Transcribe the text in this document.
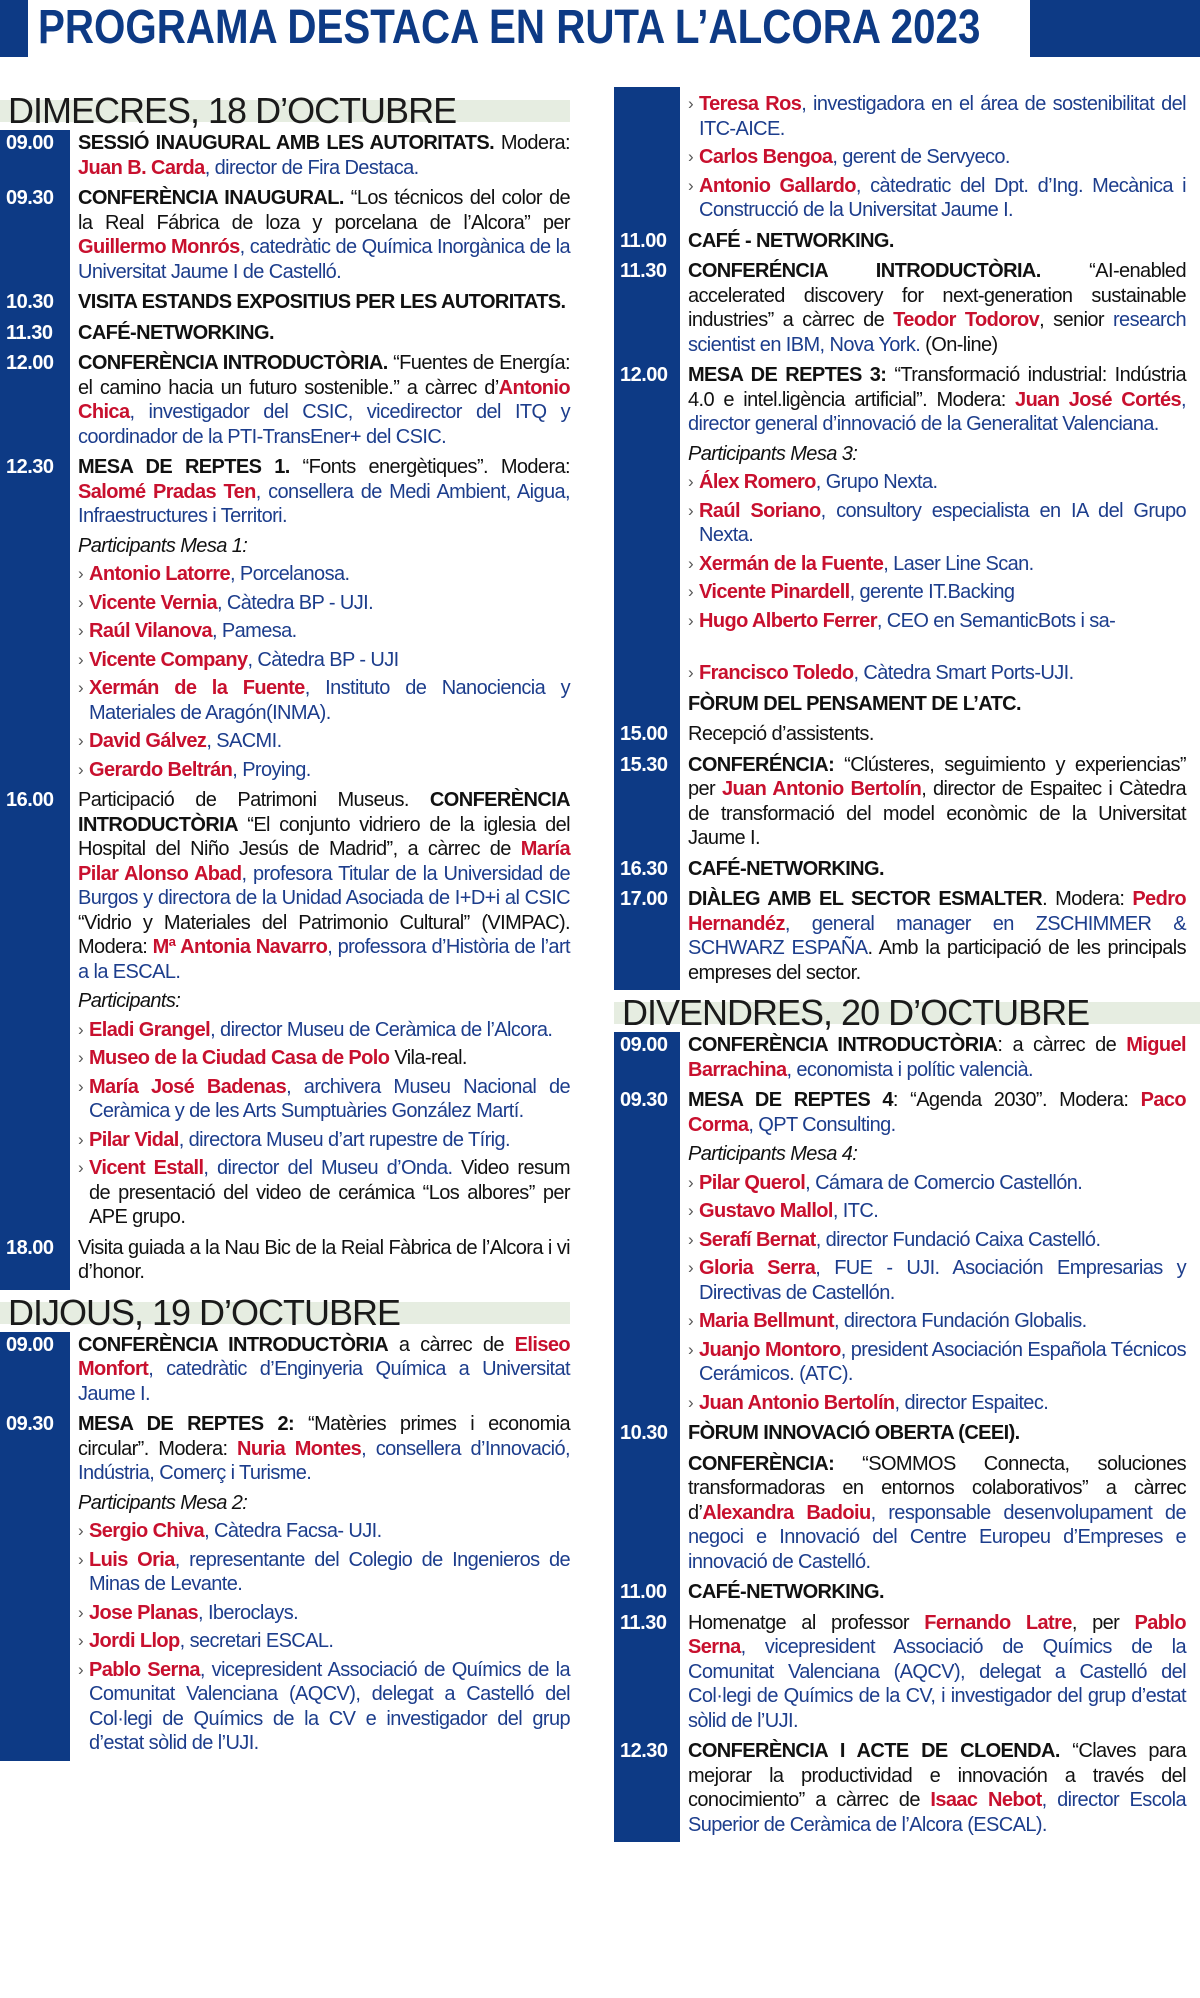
PROGRAMA DESTACA EN RUTA L’ALCORA 2023
DIMECRES, 18 D’OCTUBRE
09.00	SESSIÓ INAUGURAL AMB LES AUTORITATS. Modera: Juan B. Carda, director de Fira Destaca.
09.30	CONFERÈNCIA INAUGURAL. “Los técnicos del color de la Real Fábrica de loza y porcelana de l’Alcora” per Guillermo Monrós, catedràtic de Química Inorgànica de la Universitat Jaume I de Castelló.
10.30	VISITA ESTANDS EXPOSITIUS PER LES AUTORITATS.
11.30	CAFÉ-NETWORKING.
12.00	CONFERÈNCIA INTRODUCTÒRIA. “Fuentes de Energía: el camino hacia un futuro sostenible.” a càrrec d’Antonio Chica, investigador del CSIC, vicedirector del ITQ y coordinador de la PTI-TransEner+ del CSIC.
12.30	MESA DE REPTES 1. “Fonts energètiques”. Modera: Salomé Pradas Ten, consellera de Medi Ambient, Aigua, Infraestructures i Territori.
Participants Mesa 1:
› Antonio Latorre, Porcelanosa.
› Vicente Vernia, Càtedra BP - UJI.
› Raúl Vilanova, Pamesa.
› Vicente Company, Càtedra BP - UJI
› Xermán de la Fuente, Instituto de Nanociencia y Materiales de Aragón(INMA).
› David Gálvez, SACMI.
› Gerardo Beltrán, Proying.
16.00	Participació de Patrimoni Museus. CONFERÈNCIA INTRODUCTÒRIA “El conjunto vidriero de la iglesia del Hospital del Niño Jesús de Madrid”, a càrrec de María Pilar Alonso Abad, profesora Titular de la Universidad de Burgos y directora de la Unidad Asociada de I+D+i al CSIC “Vidrio y Materiales del Patrimonio Cultural” (VIMPAC). Modera: Mª Antonia Navarro, professora d’Història de l’art a la ESCAL.
Participants:
› Eladi Grangel, director Museu de Ceràmica de l’Alcora.
› Museo de la Ciudad Casa de Polo Vila-real.
› María José Badenas, archivera Museu Nacional de Ceràmica y de les Arts Sumptuàries González Martí.
› Pilar Vidal, directora Museu d’art rupestre de Tírig.
› Vicent Estall, director del Museu d’Onda. Video resum de presentació del video de cerámica “Los albores” per APE grupo.
18.00	Visita guiada a la Nau Bic de la Reial Fàbrica de l’Alcora i vi d’honor.
DIJOUS, 19 D’OCTUBRE
09.00	CONFERÈNCIA INTRODUCTÒRIA a càrrec de Eliseo Monfort, catedràtic d’Enginyeria Química a Universitat Jaume I.
09.30	MESA DE REPTES 2: “Matèries primes i economia circular”. Modera: Nuria Montes, consellera d’Innovació, Indústria, Comerç i Turisme.
Participants Mesa 2:
› Sergio Chiva, Càtedra Facsa- UJI.
› Luis Oria, representante del Colegio de Ingenieros de Minas de Levante.
› Jose Planas, Iberoclays.
› Jordi Llop, secretari ESCAL.
› Pablo Serna, vicepresident Associació de Químics de la Comunitat Valenciana (AQCV), delegat a Castelló del Col·legi de Químics de la CV e investigador del grup d’estat sòlid de l’UJI.
› Teresa Ros, investigadora en el área de sostenibilitat del ITC-AICE.
› Carlos Bengoa, gerent de Servyeco.
› Antonio Gallardo, càtedratic del Dpt. d’Ing. Mecànica i Construcció de la Universitat Jaume I.
11.00	CAFÉ - NETWORKING.
11.30	CONFERÉNCIA INTRODUCTÒRIA. “AI-enabled accelerated discovery for next-generation sustainable industries” a càrrec de Teodor Todorov, senior research scientist en IBM, Nova York. (On-line)
12.00	MESA DE REPTES 3: “Transformació industrial: Indústria 4.0 e intel.ligència artificial”. Modera: Juan José Cortés, director general d’innovació de la Generalitat Valenciana.
Participants Mesa 3:
› Álex Romero, Grupo Nexta.
› Raúl Soriano, consultory especialista en IA del Grupo Nexta.
› Xermán de la Fuente, Laser Line Scan.
› Vicente Pinardell, gerente IT.Backing
› Hugo Alberto Ferrer, CEO en SemanticBots i sa-
› Francisco Toledo, Càtedra Smart Ports-UJI.
FÒRUM DEL PENSAMENT DE L’ATC.
15.00	Recepció d’assistents.
15.30	CONFERÉNCIA: “Clústeres, seguimiento y experiencias” per Juan Antonio Bertolín, director de Espaitec i Càtedra de transformació del model econòmic de la Universitat Jaume I.
16.30	CAFÉ-NETWORKING.
17.00	DIÀLEG AMB EL SECTOR ESMALTER. Modera: Pedro Hernandéz, general manager en ZSCHIMMER & SCHWARZ ESPAÑA. Amb la participació de les principals empreses del sector.
DIVENDRES, 20 D’OCTUBRE
09.00	CONFERÈNCIA INTRODUCTÒRIA: a càrrec de Miguel Barrachina, economista i polític valencià.
09.30	MESA DE REPTES 4: “Agenda 2030”. Modera: Paco Corma, QPT Consulting.
Participants Mesa 4:
› Pilar Querol, Cámara de Comercio Castellón.
› Gustavo Mallol, ITC.
› Serafí Bernat, director Fundació Caixa Castelló.
› Gloria Serra, FUE - UJI. Asociación Empresarias y Directivas de Castellón.
› Maria Bellmunt, directora Fundación Globalis.
› Juanjo Montoro, president Asociación Española Técnicos Cerámicos. (ATC).
› Juan Antonio Bertolín, director Espaitec.
10.30	FÒRUM INNOVACIÓ OBERTA (CEEI).
CONFERÈNCIA: “SOMMOS Connecta, soluciones transformadoras en entornos colaborativos” a càrrec d’Alexandra Badoiu, responsable desenvolupament de negoci e Innovació del Centre Europeu d’Empreses e innovació de Castelló.
11.00	CAFÉ-NETWORKING.
11.30	Homenatge al professor Fernando Latre, per Pablo Serna, vicepresident Associació de Químics de la Comunitat Valenciana (AQCV), delegat a Castelló del Col·legi de Químics de la CV, i investigador del grup d’estat sòlid de l’UJI.
12.30	CONFERÈNCIA I ACTE DE CLOENDA. “Claves para mejorar la productividad e innovación a través del conocimiento” a càrrec de Isaac Nebot, director Escola Superior de Ceràmica de l’Alcora (ESCAL).
